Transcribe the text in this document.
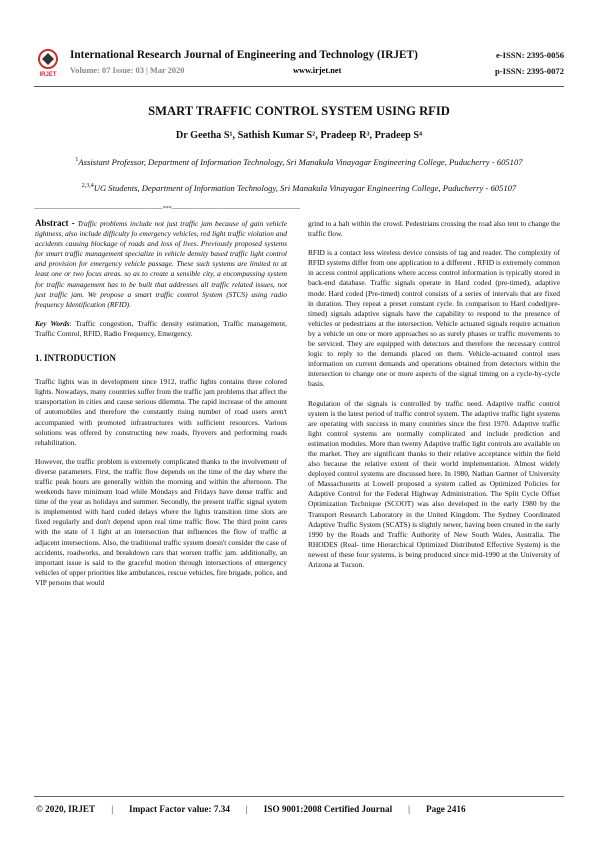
IRJET
International Research Journal of Engineering and Technology (IRJET)
Volume: 07 Issue: 03 | Mar 2020	www.irjet.net
e-ISSN: 2395-0056
p-ISSN: 2395-0072
SMART TRAFFIC CONTROL SYSTEM USING RFID
Dr Geetha S¹, Sathish Kumar S², Pradeep R³, Pradeep S⁴
$^1$Assistant Professor, Department of Information Technology, Sri Manakula Vinayagar Engineering College, Puducherry - 605107
$^{2,3,4}$UG Students, Department of Information Technology, Sri Manakula Vinayagar Engineering College, Puducherry - 605107
---------------------------------------------------------------------***---------------------------------------------------------------------

Abstract - Traffic problems include not just traffic jam because of gain vehicle tightness, also include difficulty fo emergency vehicles, red light traffic violation and accidents causing blockage of roads and loss of lives. Previously proposed systems for smart traffic management specialize in vehicle density based traffic light control and provision for emergency vehicle passage. These such systems are limited to at least one or two focus areas. so as to create a sensible city, a encompassing system for traffic management has to be built that addresses all traffic related issues, not just traffic jam. We propose a smart traffic control System (STCS) using radio frequency Identification (RFID).

Key Words: Traffic congestion, Traffic density estimation, Traffic management, Traffic Control, RFID, Radio Frequency, Emergency.

1. INTRODUCTION

Traffic lights was in development since 1912, traffic lights contains three colored lights. Nowadays, many countries suffer from the traffic jam problems that affect the transportation in cities and cause serious dilemma. The rapid increase of the amount of automobiles and therefore the constantly rising number of road users aren't accompanied with promoted infrastructures with sufficient resources. Various solutions was offered by constructing new roads, flyovers and performing roads rehabilitation.

However, the traffic problem is extremely complicated thanks to the involvement of diverse parameters. First, the traffic flow depends on the time of the day where the traffic peak hours are generally within the morning and within the afternoon. The weekends have minimum load while Mondays and Fridays have dense traffic and time of the year as holidays and summer. Secondly, the present traffic signal system is implemented with hard coded delays where the lights transition time slots are fixed regularly and don't depend upon real time traffic flow. The third point cares with the state of 1 light at an intersection that influences the flow of traffic at adjacent intersections. Also, the traditional traffic system doesn't consider the case of accidents, roadworks, and breakdown cars that worsen traffic jam. additionally, an important issue is said to the graceful motion through intersections of emergency vehicles of upper priorities like ambulances, rescue vehicles, fire brigade, police, and VIP persons that would

grind to a halt within the crowd. Pedestrians crossing the road also tent to change the traffic flow.

RFID is a contact less wireless device consists of tag and reader. The complexity of RFID systems differ from one application to a different . RFID is extremely common in access control applications where access control information is typically stored in back-end database. Traffic signals operate in Hard coded (pre-timed), adaptive mode. Hard coded (Pre-timed) control consists of a series of intervals that are fixed in duration. They repeat a preset constant cycle. In comparison to Hard coded(pre-timed) signals adaptive signals have the capability to respond to the presence of vehicles or pedestrians at the intersection. Vehicle actuated signals require actuation by a vehicle on one or more approaches so as surely phases or traffic movements to be serviced. They are equipped with detectors and therefore the necessary control logic to reply to the demands placed on them. Vehicle-actuated control uses information on current demands and operations obtained from detectors within the intersection to change one or more aspects of the signal timing on a cycle-by-cycle basis.

Regulation of the signals is controlled by traffic need. Adaptive traffic control system is the latest period of traffic control system. The adaptive traffic light systems are operating with success in many countries since the first 1970. Adaptive traffic light control systems are normally complicated and include prediction and estimation modules. More than twenty Adaptive traffic light controls are available on the market. They are significant thanks to their relative acceptance within the field also because the relative extent of their world implementation. Almost widely deployed control systems are discussed here. In 1980, Nathan Gartner of University of Massachusetts at Lowell proposed a system called as Optimized Policies for Adaptive Control for the Federal Highway Administration. The Split Cycle Offset Optimization Technique (SCOOT) was also developed in the early 1980 by the Transport Research Laboratory in the United Kingdom. The Sydney Coordinated Adaptive Traffic System (SCATS) is slightly newer, having been created in the early 1990 by the Roads and Traffic Authority of New South Wales, Australia. The RHODES (Real- time Hierarchical Optimized Distributed Effective System) is the newest of these four systems, is being produced since mid-1990 at the University of Arizona at Tucson.

© 2020, IRJET | Impact Factor value: 7.34 | ISO 9001:2008 Certified Journal | Page 2416
